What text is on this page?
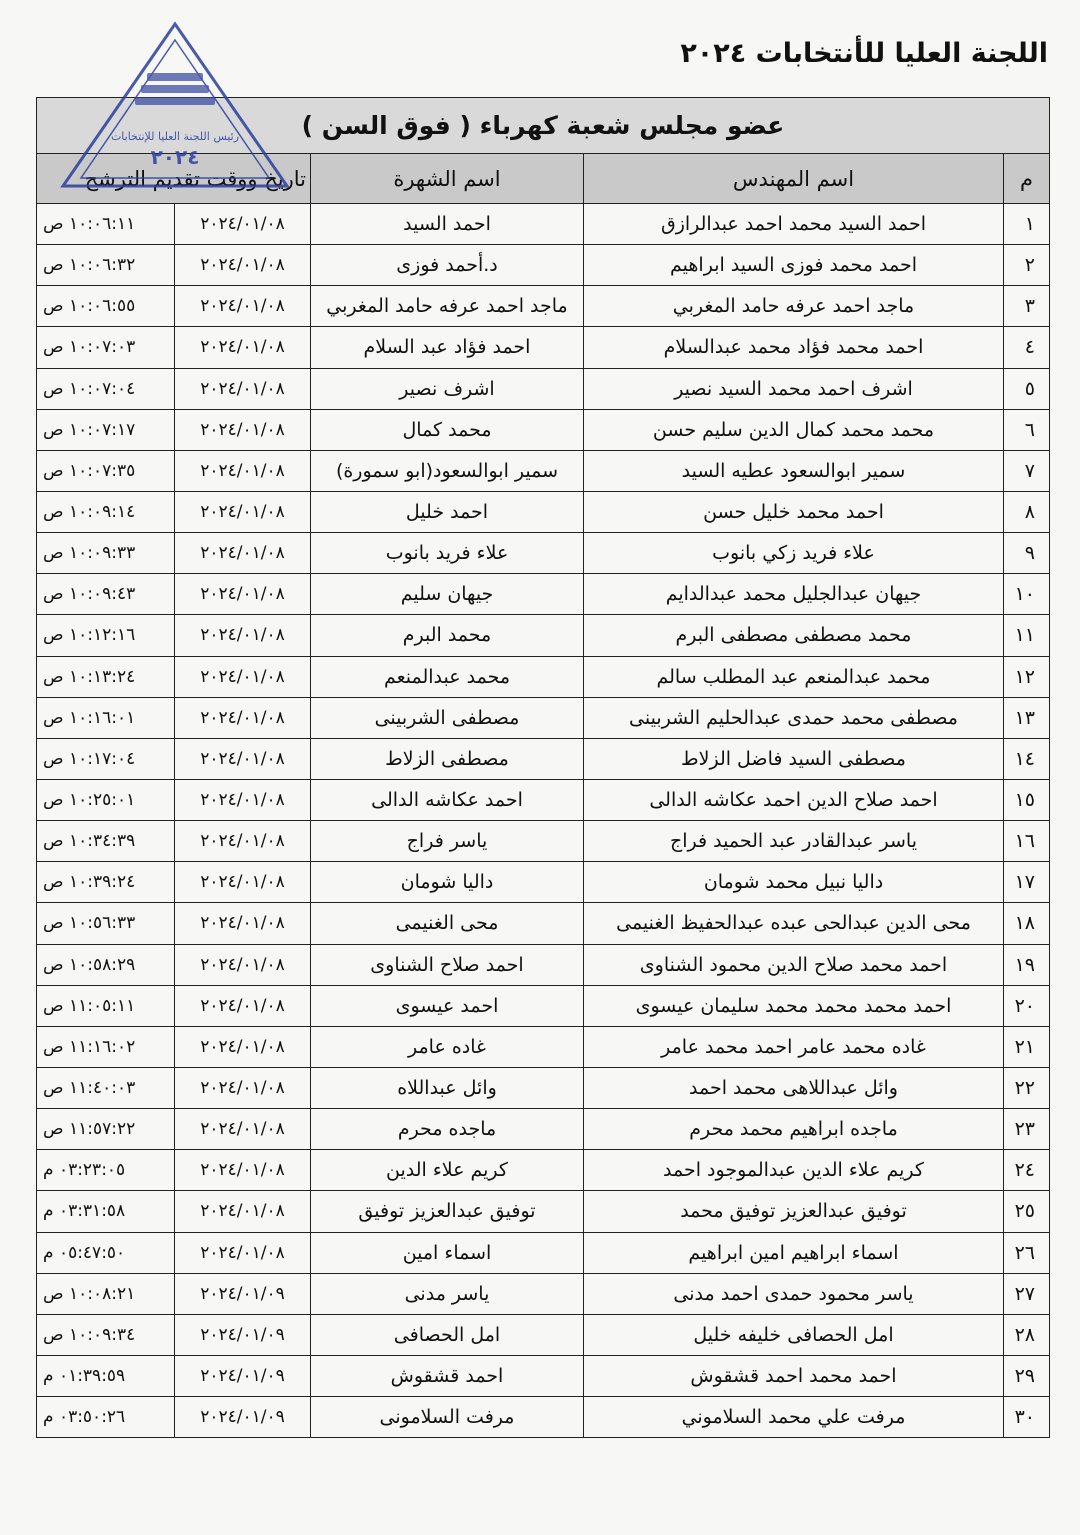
اللجنة العليا للأنتخابات ٢٠٢٤
عضو مجلس شعبة كهرباء ( فوق السن )				
م	اسم المهندس	اسم الشهرة	تاريخ ووقت تقديم الترشح	
١	احمد السيد محمد احمد عبدالرازق	احمد السيد	٢٠٢٤/٠١/٠٨	١٠:٠٦:١١ ص
٢	احمد محمد فوزى السيد ابراهيم	د.أحمد فوزى	٢٠٢٤/٠١/٠٨	١٠:٠٦:٣٢ ص
٣	ماجد احمد عرفه حامد المغربي	ماجد احمد عرفه حامد المغربي	٢٠٢٤/٠١/٠٨	١٠:٠٦:٥٥ ص
٤	احمد محمد فؤاد محمد عبدالسلام	احمد فؤاد عبد السلام	٢٠٢٤/٠١/٠٨	١٠:٠٧:٠٣ ص
٥	اشرف احمد محمد السيد نصير	اشرف نصير	٢٠٢٤/٠١/٠٨	١٠:٠٧:٠٤ ص
٦	محمد محمد كمال الدين سليم حسن	محمد كمال	٢٠٢٤/٠١/٠٨	١٠:٠٧:١٧ ص
٧	سمير ابوالسعود عطيه السيد	سمير ابوالسعود(ابو سمورة)	٢٠٢٤/٠١/٠٨	١٠:٠٧:٣٥ ص
٨	احمد محمد خليل حسن	احمد خليل	٢٠٢٤/٠١/٠٨	١٠:٠٩:١٤ ص
٩	علاء فريد زكي بانوب	علاء فريد بانوب	٢٠٢٤/٠١/٠٨	١٠:٠٩:٣٣ ص
١٠	جيهان عبدالجليل محمد عبدالدايم	جيهان سليم	٢٠٢٤/٠١/٠٨	١٠:٠٩:٤٣ ص
١١	محمد مصطفى مصطفى البرم	محمد البرم	٢٠٢٤/٠١/٠٨	١٠:١٢:١٦ ص
١٢	محمد عبدالمنعم عبد المطلب سالم	محمد عبدالمنعم	٢٠٢٤/٠١/٠٨	١٠:١٣:٢٤ ص
١٣	مصطفى محمد حمدى عبدالحليم الشربينى	مصطفى الشربينى	٢٠٢٤/٠١/٠٨	١٠:١٦:٠١ ص
١٤	مصطفى السيد فاضل الزلاط	مصطفى الزلاط	٢٠٢٤/٠١/٠٨	١٠:١٧:٠٤ ص
١٥	احمد صلاح الدين احمد عكاشه الدالى	احمد عكاشه الدالى	٢٠٢٤/٠١/٠٨	١٠:٢٥:٠١ ص
١٦	ياسر عبدالقادر عبد الحميد فراج	ياسر فراج	٢٠٢٤/٠١/٠٨	١٠:٣٤:٣٩ ص
١٧	داليا نبيل محمد شومان	داليا شومان	٢٠٢٤/٠١/٠٨	١٠:٣٩:٢٤ ص
١٨	محى الدين عبدالحى عبده عبدالحفيظ الغنيمى	محى الغنيمى	٢٠٢٤/٠١/٠٨	١٠:٥٦:٣٣ ص
١٩	احمد محمد صلاح الدين محمود الشناوى	احمد صلاح الشناوى	٢٠٢٤/٠١/٠٨	١٠:٥٨:٢٩ ص
٢٠	احمد محمد محمد محمد سليمان عيسوى	احمد عيسوى	٢٠٢٤/٠١/٠٨	١١:٠٥:١١ ص
٢١	غاده محمد عامر احمد محمد عامر	غاده عامر	٢٠٢٤/٠١/٠٨	١١:١٦:٠٢ ص
٢٢	وائل عبداللاهى محمد احمد	وائل عبداللاه	٢٠٢٤/٠١/٠٨	١١:٤٠:٠٣ ص
٢٣	ماجده ابراهيم محمد محرم	ماجده محرم	٢٠٢٤/٠١/٠٨	١١:٥٧:٢٢ ص
٢٤	كريم علاء الدين عبدالموجود احمد	كريم علاء الدين	٢٠٢٤/٠١/٠٨	٠٣:٢٣:٠٥ م
٢٥	توفيق عبدالعزيز توفيق محمد	توفيق عبدالعزيز توفيق	٢٠٢٤/٠١/٠٨	٠٣:٣١:٥٨ م
٢٦	اسماء ابراهيم امين ابراهيم	اسماء امين	٢٠٢٤/٠١/٠٨	٠٥:٤٧:٥٠ م
٢٧	ياسر محمود حمدى احمد مدنى	ياسر مدنى	٢٠٢٤/٠١/٠٩	١٠:٠٨:٢١ ص
٢٨	امل الحصافى خليفه خليل	امل الحصافى	٢٠٢٤/٠١/٠٩	١٠:٠٩:٣٤ ص
٢٩	احمد محمد احمد قشقوش	احمد قشقوش	٢٠٢٤/٠١/٠٩	٠١:٣٩:٥٩ م
٣٠	مرفت علي محمد السلاموني	مرفت السلامونى	٢٠٢٤/٠١/٠٩	٠٣:٥٠:٢٦ م
رئيس اللجنة العليا للإنتخابات
٢٠٢٤
